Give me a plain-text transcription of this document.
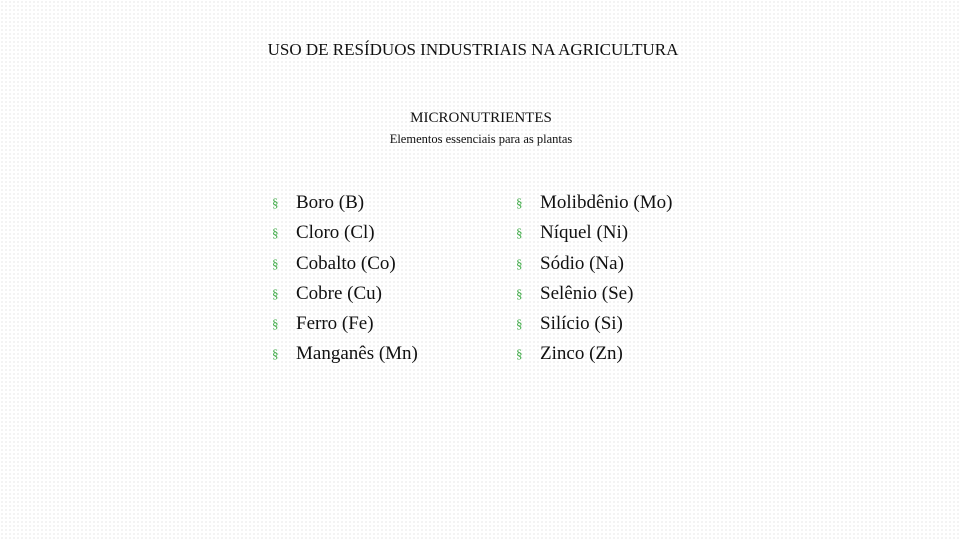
USO DE RESÍDUOS INDUSTRIAIS NA AGRICULTURA
MICRONUTRIENTES
Elementos essenciais para as plantas
§ Boro (B)
§ Cloro (Cl)
§ Cobalto (Co)
§ Cobre (Cu)
§ Ferro (Fe)
§ Manganês (Mn)
§ Molibdênio (Mo)
§ Níquel (Ni)
§ Sódio (Na)
§ Selênio (Se)
§ Silício (Si)
§ Zinco (Zn)
